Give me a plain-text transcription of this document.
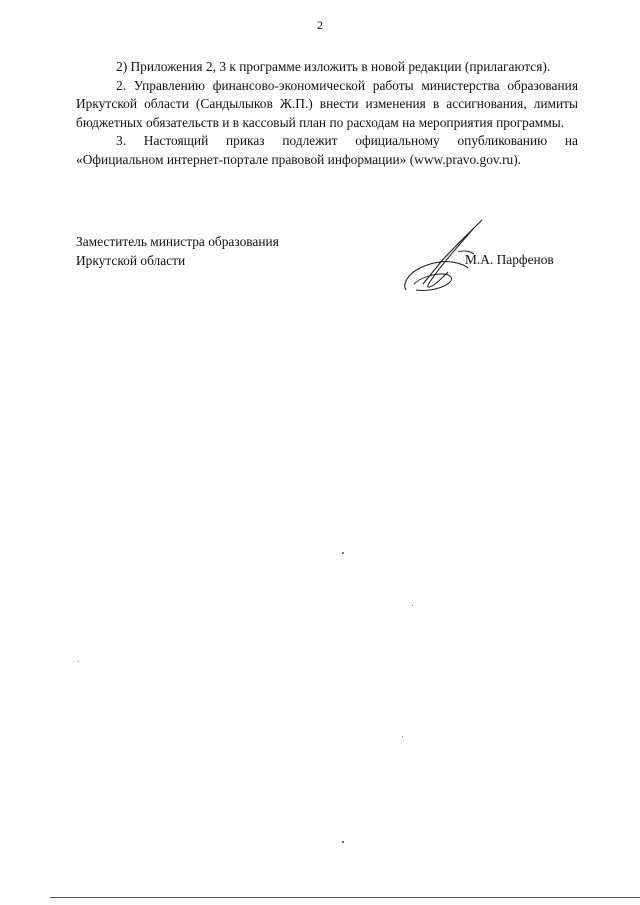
2

2) Приложения 2, 3 к программе изложить в новой редакции (прилагаются).

2. Управлению финансово-экономической работы министерства образования Иркутской области (Сандылыков Ж.П.) внести изменения в ассигнования, лимиты бюджетных обязательств и в кассовый план по расходам на мероприятия программы.

3. Настоящий приказ подлежит официальному опубликованию на «Официальном интернет-портале правовой информации» (www.pravo.gov.ru).

Заместитель министра образования
Иркутской области	М.А. Парфенов
